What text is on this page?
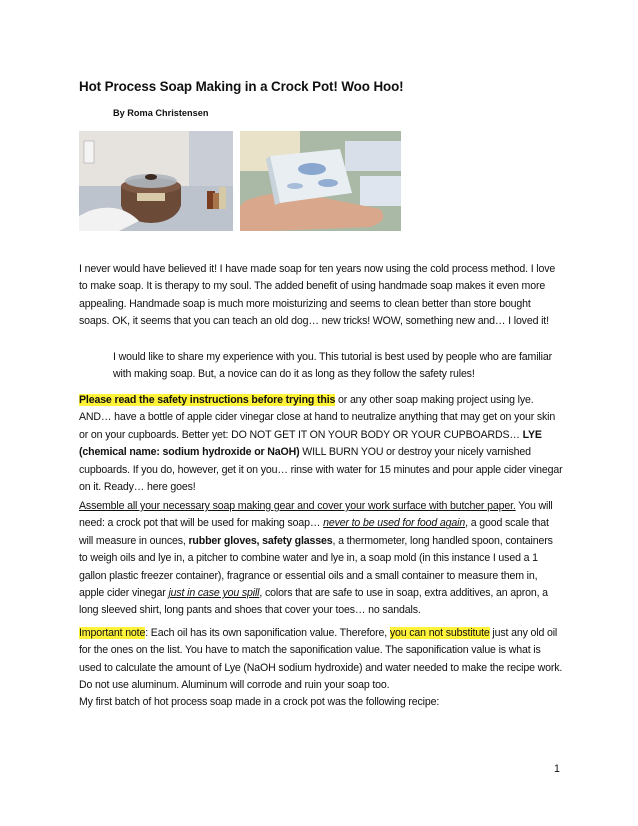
Hot Process Soap Making in a Crock Pot! Woo Hoo!
By Roma Christensen

I never would have believed it! I have made soap for ten years now using the cold process method. I love to make soap. It is therapy to my soul. The added benefit of using handmade soap makes it even more appealing. Handmade soap is much more moisturizing and seems to clean better than store bought soaps. OK, it seems that you can teach an old dog… new tricks! WOW, something new and… I loved it!

I would like to share my experience with you. This tutorial is best used by people who are familiar with making soap. But, a novice can do it as long as they follow the safety rules!

Please read the safety instructions before trying this or any other soap making project using lye. AND… have a bottle of apple cider vinegar close at hand to neutralize anything that may get on your skin or on your cupboards. Better yet: DO NOT GET IT ON YOUR BODY OR YOUR CUPBOARDS… LYE (chemical name: sodium hydroxide or NaOH) WILL BURN YOU or destroy your nicely varnished cupboards. If you do, however, get it on you… rinse with water for 15 minutes and pour apple cider vinegar on it. Ready… here goes!

Assemble all your necessary soap making gear and cover your work surface with butcher paper. You will need: a crock pot that will be used for making soap… never to be used for food again, a good scale that will measure in ounces, rubber gloves, safety glasses, a thermometer, long handled spoon, containers to weigh oils and lye in, a pitcher to combine water and lye in, a soap mold (in this instance I used a 1 gallon plastic freezer container), fragrance or essential oils and a small container to measure them in, apple cider vinegar just in case you spill, colors that are safe to use in soap, extra additives, an apron, a long sleeved shirt, long pants and shoes that cover your toes… no sandals.

Important note: Each oil has its own saponification value. Therefore, you can not substitute just any old oil for the ones on the list. You have to match the saponification value. The saponification value is what is used to calculate the amount of Lye (NaOH sodium hydroxide) and water needed to make the recipe work. Do not use aluminum. Aluminum will corrode and ruin your soap too.

My first batch of hot process soap made in a crock pot was the following recipe:

1
